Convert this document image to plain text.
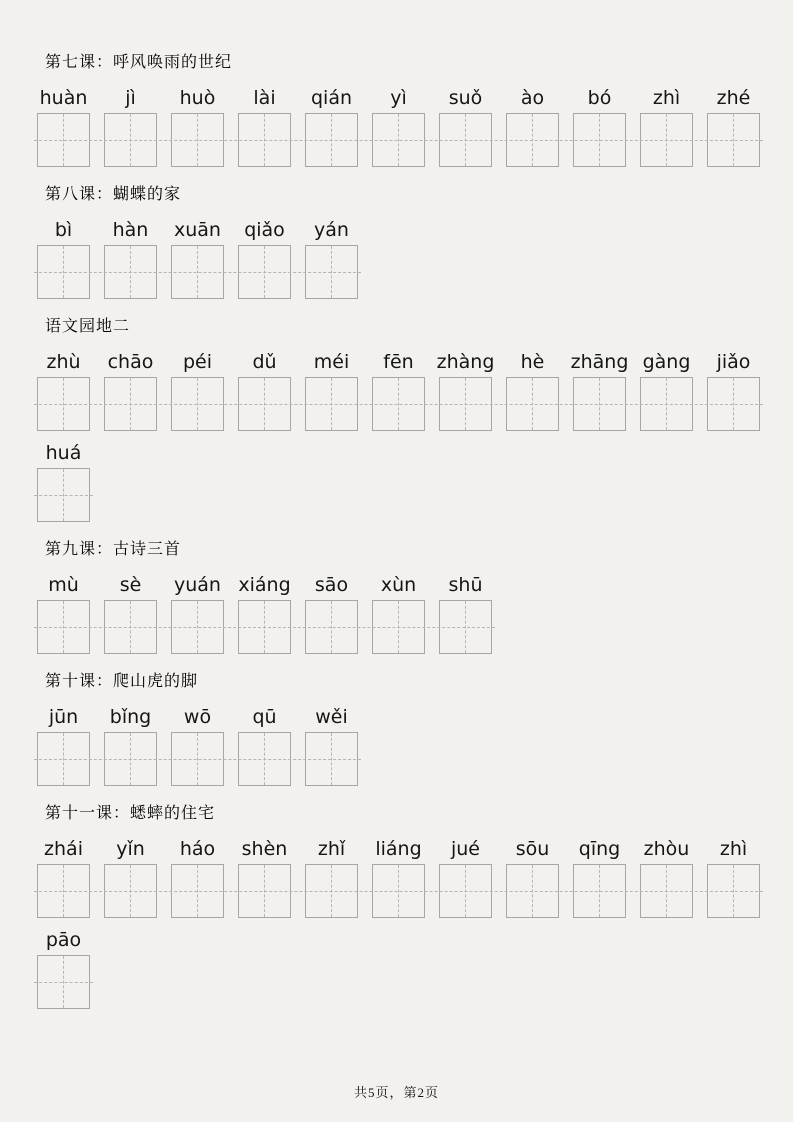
第七课：呼风唤雨的世纪
huàn jì huò lài qián yì suǒ ào bó zhì zhé
第八课：蝴蝶的家
bì hàn xuān qiǎo yán
语文园地二
zhù chāo péi dǔ méi fēn zhàng hè zhāng gàng jiǎo
huá
第九课：古诗三首
mù sè yuán xiáng sāo xùn shū
第十课：爬山虎的脚
jūn bǐng wō qū wěi
第十一课：蟋蟀的住宅
zhái yǐn háo shèn zhǐ liáng jué sōu qīng zhòu zhì
pāo
共5页，第2页
